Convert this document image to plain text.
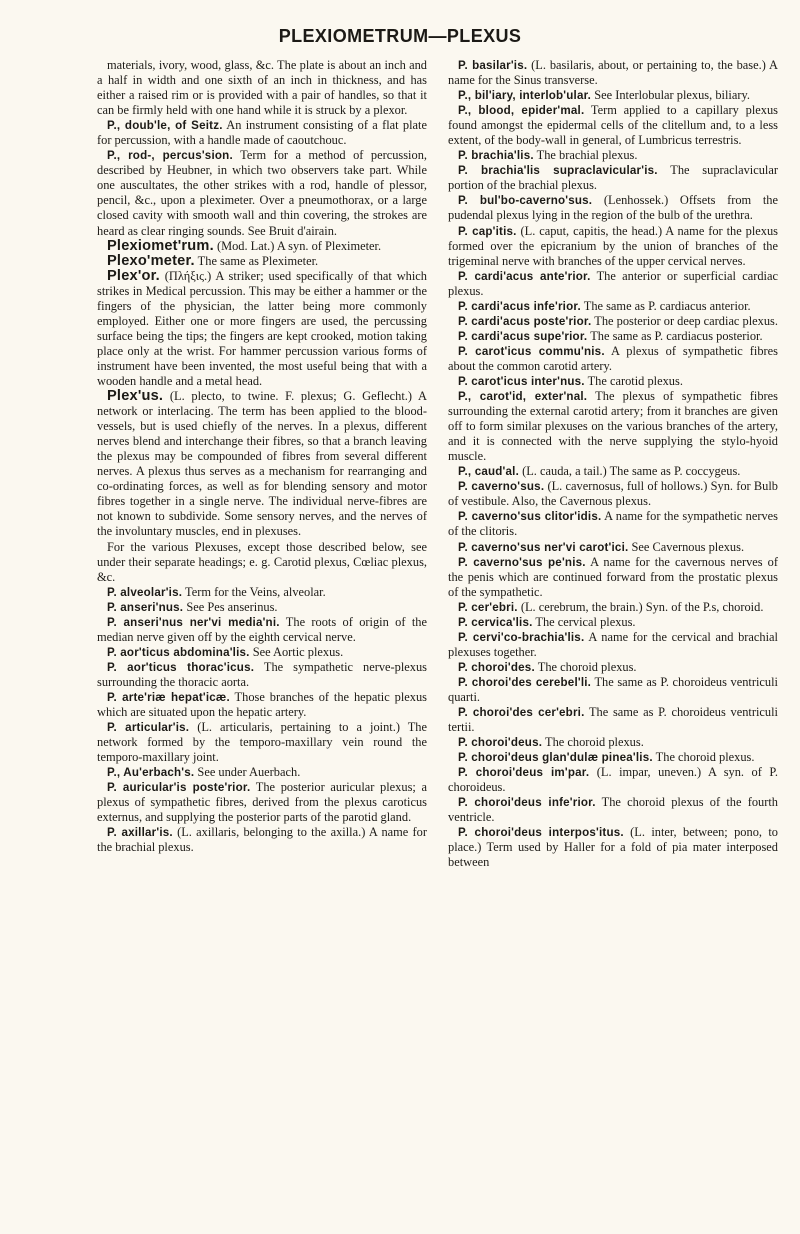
PLEXIOMETRUM—PLEXUS

materials, ivory, wood, glass, &c. The plate is about an inch and a half in width and one sixth of an inch in thickness, and has either a raised rim or is provided with a pair of handles, so that it can be firmly held with one hand while it is struck by a plexor.

P., doub'le, of Seitz. An instrument consisting of a flat plate for percussion, with a handle made of caoutchouc.

P., rod-, percus'sion. Term for a method of percussion, described by Heubner, in which two observers take part. While one auscultates, the other strikes with a rod, handle of plessor, pencil, &c., upon a pleximeter. Over a pneumothorax, or a large closed cavity with smooth wall and thin covering, the strokes are heard as clear ringing sounds. See Bruit d'airain.

Plexiomet'rum. (Mod. Lat.) A syn. of Pleximeter.

Plexo'meter. The same as Pleximeter.

Plex'or. (Πλήξις.) A striker; used specifically of that which strikes in Medical percussion. This may be either a hammer or the fingers of the physician, the latter being more commonly employed. Either one or more fingers are used, the percussing surface being the tips; the fingers are kept crooked, motion taking place only at the wrist. For hammer percussion various forms of instrument have been invented, the most useful being that with a wooden handle and a metal head.

Plex'us. (L. plecto, to twine. F. plexus; G. Geflecht.) A network or interlacing. The term has been applied to the blood-vessels, but is used chiefly of the nerves. In a plexus, different nerves blend and interchange their fibres, so that a branch leaving the plexus may be compounded of fibres from several different nerves. A plexus thus serves as a mechanism for rearranging and co-ordinating forces, as well as for blending sensory and motor fibres together in a single nerve. The individual nerve-fibres are not known to subdivide. Some sensory nerves, and the nerves of the involuntary muscles, end in plexuses.

For the various Plexuses, except those described below, see under their separate headings; e. g. Carotid plexus, Cœliac plexus, &c.

P. alveolar'is. Term for the Veins, alveolar.

P. anseri'nus. See Pes anserinus.

P. anseri'nus ner'vi media'ni. The roots of origin of the median nerve given off by the eighth cervical nerve.

P. aor'ticus abdomina'lis. See Aortic plexus.

P. aor'ticus thorac'icus. The sympathetic nerve-plexus surrounding the thoracic aorta.

P. arte'riæ hepat'icæ. Those branches of the hepatic plexus which are situated upon the hepatic artery.

P. articular'is. (L. articularis, pertaining to a joint.) The network formed by the temporo-maxillary vein round the temporo-maxillary joint.

P., Au'erbach's. See under Auerbach.

P. auricular'is poste'rior. The posterior auricular plexus; a plexus of sympathetic fibres, derived from the plexus caroticus externus, and supplying the posterior parts of the parotid gland.

P. axillar'is. (L. axillaris, belonging to the axilla.) A name for the brachial plexus.

P. basilar'is. (L. basilaris, about, or pertaining to, the base.) A name for the Sinus transverse.

P., bil'iary, interlob'ular. See Interlobular plexus, biliary.

P., blood, epider'mal. Term applied to a capillary plexus found amongst the epidermal cells of the clitellum and, to a less extent, of the body-wall in general, of Lumbricus terrestris.

P. brachia'lis. The brachial plexus.

P. brachia'lis supraclavicular'is. The supraclavicular portion of the brachial plexus.

P. bul'bo-caverno'sus. (Lenhossek.) Offsets from the pudendal plexus lying in the region of the bulb of the urethra.

P. cap'itis. (L. caput, capitis, the head.) A name for the plexus formed over the epicranium by the union of branches of the trigeminal nerve with branches of the upper cervical nerves.

P. cardi'acus ante'rior. The anterior or superficial cardiac plexus.

P. cardi'acus infe'rior. The same as P. cardiacus anterior.

P. cardi'acus poste'rior. The posterior or deep cardiac plexus.

P. cardi'acus supe'rior. The same as P. cardiacus posterior.

P. carot'icus commu'nis. A plexus of sympathetic fibres about the common carotid artery.

P. carot'icus inter'nus. The carotid plexus.

P., carot'id, exter'nal. The plexus of sympathetic fibres surrounding the external carotid artery; from it branches are given off to form similar plexuses on the various branches of the artery, and it is connected with the nerve supplying the stylo-hyoid muscle.

P., caud'al. (L. cauda, a tail.) The same as P. coccygeus.

P. caverno'sus. (L. cavernosus, full of hollows.) Syn. for Bulb of vestibule. Also, the Cavernous plexus.

P. caverno'sus clitor'idis. A name for the sympathetic nerves of the clitoris.

P. caverno'sus ner'vi carot'ici. See Cavernous plexus.

P. caverno'sus pe'nis. A name for the cavernous nerves of the penis which are continued forward from the prostatic plexus of the sympathetic.

P. cer'ebri. (L. cerebrum, the brain.) Syn. of the P.s, choroid.

P. cervica'lis. The cervical plexus.

P. cervi'co-brachia'lis. A name for the cervical and brachial plexuses together.

P. choroi'des. The choroid plexus.

P. choroi'des cerebel'li. The same as P. choroideus ventriculi quarti.

P. choroi'des cer'ebri. The same as P. choroideus ventriculi tertii.

P. choroi'deus. The choroid plexus.

P. choroi'deus glan'dulæ pinea'lis. The choroid plexus.

P. choroi'deus im'par. (L. impar, uneven.) A syn. of P. choroideus.

P. choroi'deus infe'rior. The choroid plexus of the fourth ventricle.

P. choroi'deus interpos'itus. (L. inter, between; pono, to place.) Term used by Haller for a fold of pia mater interposed between
